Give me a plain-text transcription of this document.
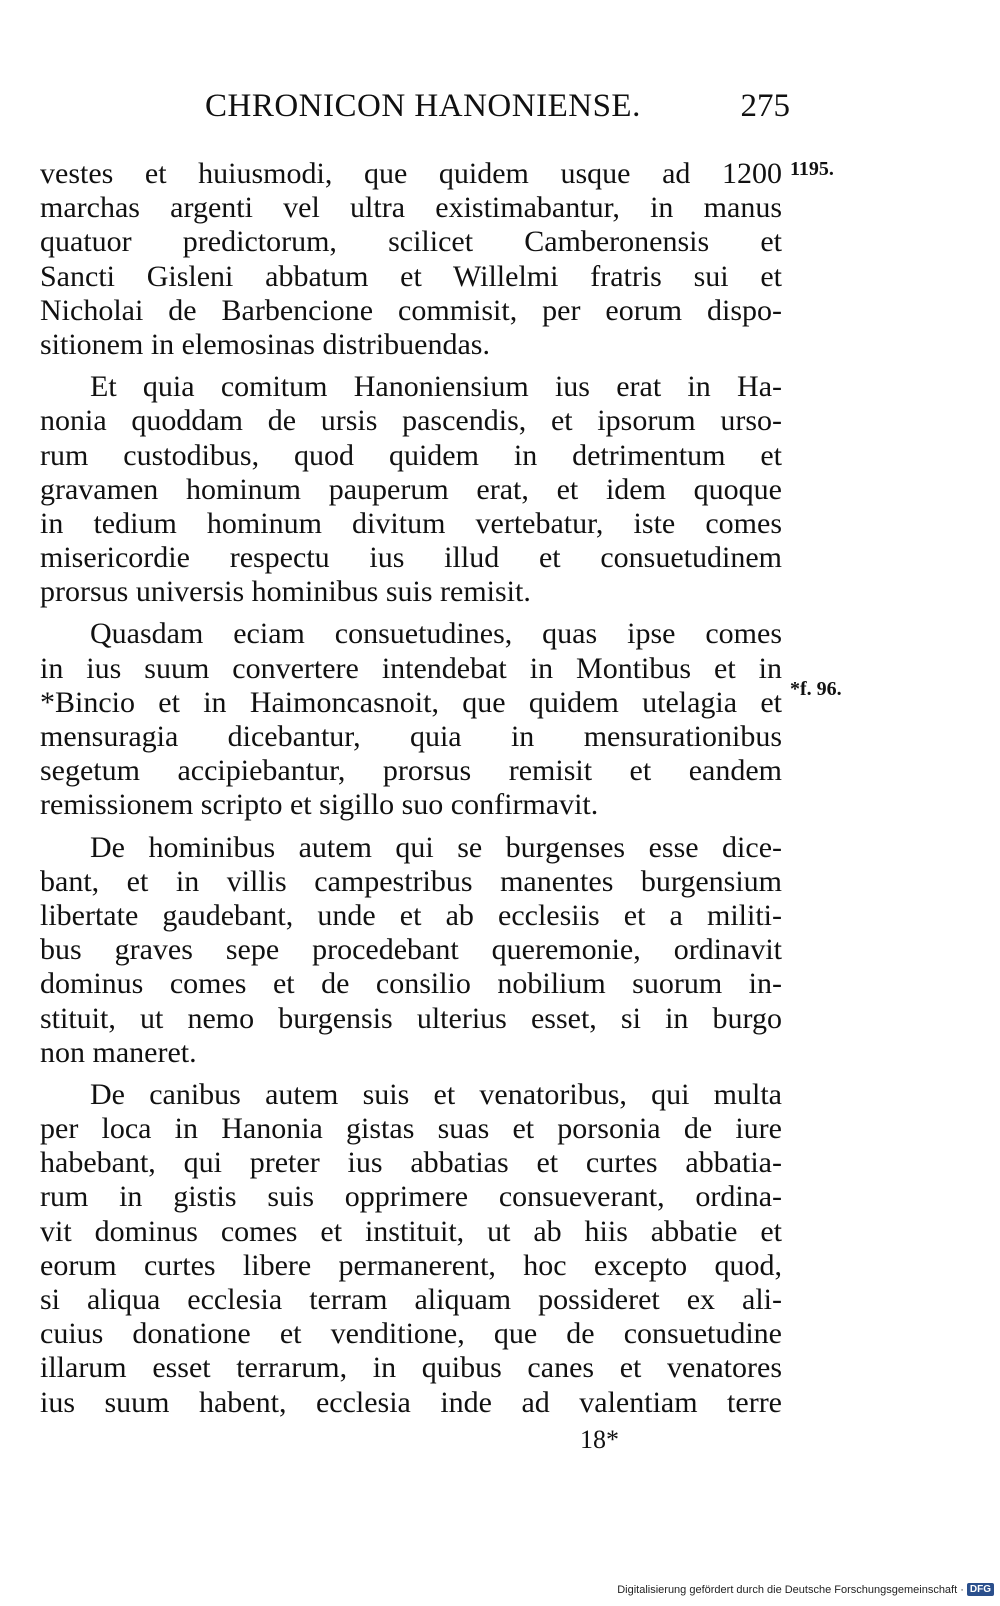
CHRONICON HANONIENSE.	275
1195.
*f. 96.
vestes et huiusmodi, que quidem usque ad 1200
marchas argenti vel ultra existimabantur, in manus
quatuor predictorum, scilicet Camberonensis et
Sancti Gisleni abbatum et Willelmi fratris sui et
Nicholai de Barbencione commisit, per eorum dispo-
sitionem in elemosinas distribuendas.
Et quia comitum Hanoniensium ius erat in Ha-
nonia quoddam de ursis pascendis, et ipsorum urso-
rum custodibus, quod quidem in detrimentum et
gravamen hominum pauperum erat, et idem quoque
in tedium hominum divitum vertebatur, iste comes
misericordie respectu ius illud et consuetudinem
prorsus universis hominibus suis remisit.
Quasdam eciam consuetudines, quas ipse comes
in ius suum convertere intendebat in Montibus et in
*Bincio et in Haimoncasnoit, que quidem utelagia et
mensuragia dicebantur, quia in mensurationibus
segetum accipiebantur, prorsus remisit et eandem
remissionem scripto et sigillo suo confirmavit.
De hominibus autem qui se burgenses esse dice-
bant, et in villis campestribus manentes burgensium
libertate gaudebant, unde et ab ecclesiis et a militi-
bus graves sepe procedebant queremonie, ordinavit
dominus comes et de consilio nobilium suorum in-
stituit, ut nemo burgensis ulterius esset, si in burgo
non maneret.
De canibus autem suis et venatoribus, qui multa
per loca in Hanonia gistas suas et porsonia de iure
habebant, qui preter ius abbatias et curtes abbatia-
rum in gistis suis opprimere consueverant, ordina-
vit dominus comes et instituit, ut ab hiis abbatie et
eorum curtes libere permanerent, hoc excepto quod,
si aliqua ecclesia terram aliquam possideret ex ali-
cuius donatione et venditione, que de consuetudine
illarum esset terrarum, in quibus canes et venatores
ius suum habent, ecclesia inde ad valentiam terre
18*
Digitalisierung gefördert durch die Deutsche Forschungsgemeinschaft · DFG
